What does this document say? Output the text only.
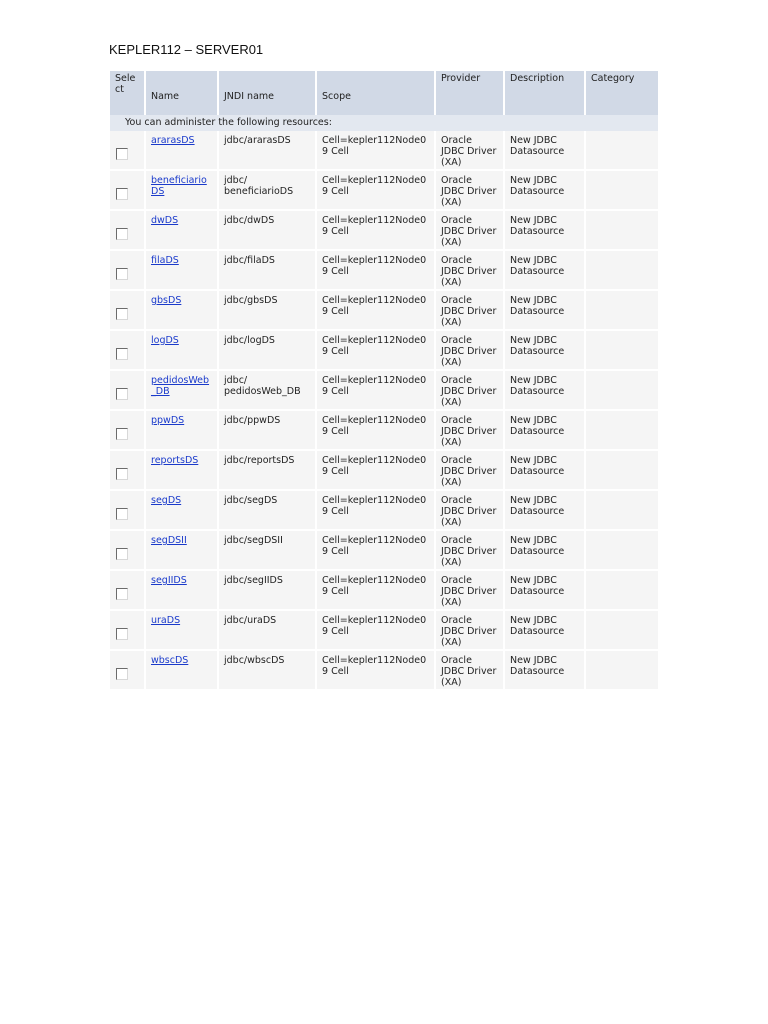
KEPLER112 – SERVER01
Select	Name	JNDI name	Scope	Provider	Description	Category
You can administer the following resources:						
	ararasDS	jdbc/ararasDS	Cell=kepler112Node09 Cell	Oracle JDBC Driver (XA)	New JDBC Datasource	
	beneficiarioDS	jdbc/ beneficiarioDS	Cell=kepler112Node09 Cell	Oracle JDBC Driver (XA)	New JDBC Datasource	
	dwDS	jdbc/dwDS	Cell=kepler112Node09 Cell	Oracle JDBC Driver (XA)	New JDBC Datasource	
	filaDS	jdbc/filaDS	Cell=kepler112Node09 Cell	Oracle JDBC Driver (XA)	New JDBC Datasource	
	gbsDS	jdbc/gbsDS	Cell=kepler112Node09 Cell	Oracle JDBC Driver (XA)	New JDBC Datasource	
	logDS	jdbc/logDS	Cell=kepler112Node09 Cell	Oracle JDBC Driver (XA)	New JDBC Datasource	
	pedidosWeb_DB	jdbc/ pedidosWeb_DB	Cell=kepler112Node09 Cell	Oracle JDBC Driver (XA)	New JDBC Datasource	
	ppwDS	jdbc/ppwDS	Cell=kepler112Node09 Cell	Oracle JDBC Driver (XA)	New JDBC Datasource	
	reportsDS	jdbc/reportsDS	Cell=kepler112Node09 Cell	Oracle JDBC Driver (XA)	New JDBC Datasource	
	segDS	jdbc/segDS	Cell=kepler112Node09 Cell	Oracle JDBC Driver (XA)	New JDBC Datasource	
	segDSII	jdbc/segDSII	Cell=kepler112Node09 Cell	Oracle JDBC Driver (XA)	New JDBC Datasource	
	segIIDS	jdbc/segIIDS	Cell=kepler112Node09 Cell	Oracle JDBC Driver (XA)	New JDBC Datasource	
	uraDS	jdbc/uraDS	Cell=kepler112Node09 Cell	Oracle JDBC Driver (XA)	New JDBC Datasource	
	wbscDS	jdbc/wbscDS	Cell=kepler112Node09 Cell	Oracle JDBC Driver (XA)	New JDBC Datasource	
